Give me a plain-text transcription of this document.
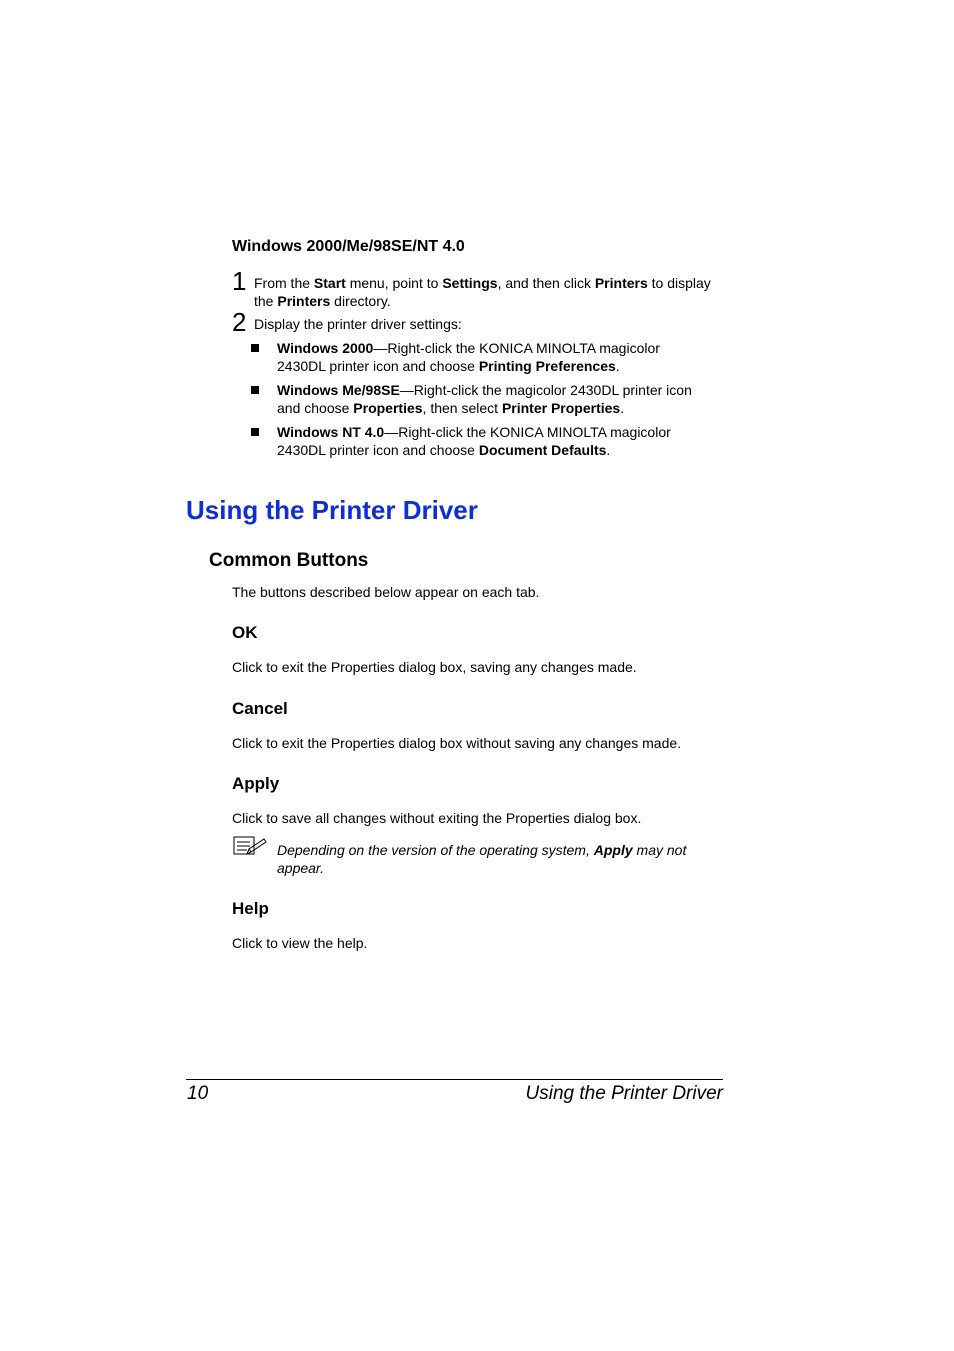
Windows 2000/Me/98SE/NT 4.0
1 From the Start menu, point to Settings, and then click Printers to display
the Printers directory.
2 Display the printer driver settings:
Windows 2000—Right-click the KONICA MINOLTA magicolor
2430DL printer icon and choose Printing Preferences.
Windows Me/98SE—Right-click the magicolor 2430DL printer icon
and choose Properties, then select Printer Properties.
Windows NT 4.0—Right-click the KONICA MINOLTA magicolor
2430DL printer icon and choose Document Defaults.
Using the Printer Driver
Common Buttons
The buttons described below appear on each tab.
OK
Click to exit the Properties dialog box, saving any changes made.
Cancel
Click to exit the Properties dialog box without saving any changes made.
Apply
Click to save all changes without exiting the Properties dialog box.
Depending on the version of the operating system, Apply may not
appear.
Help
Click to view the help.
10	Using the Printer Driver
